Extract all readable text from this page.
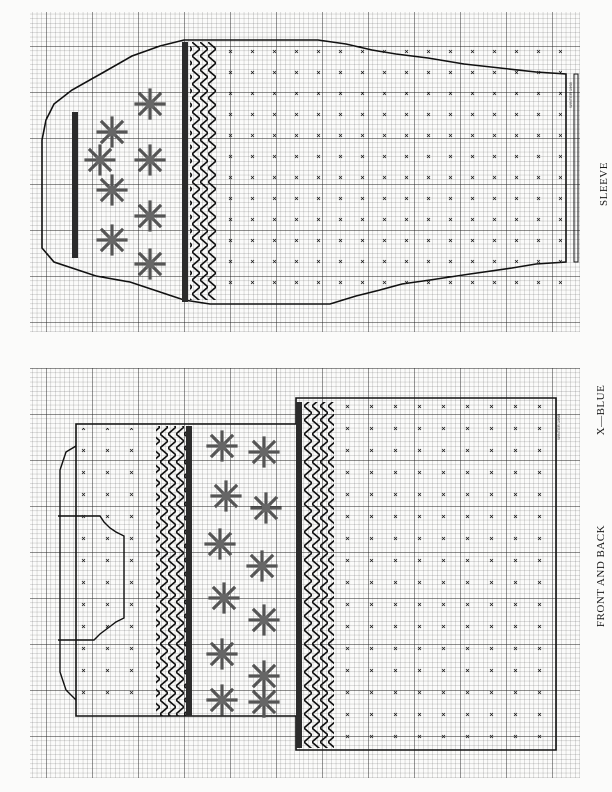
WINTER 1968
WINTER 1968
SLEEVE
FRONT AND BACK
X—BLUE
